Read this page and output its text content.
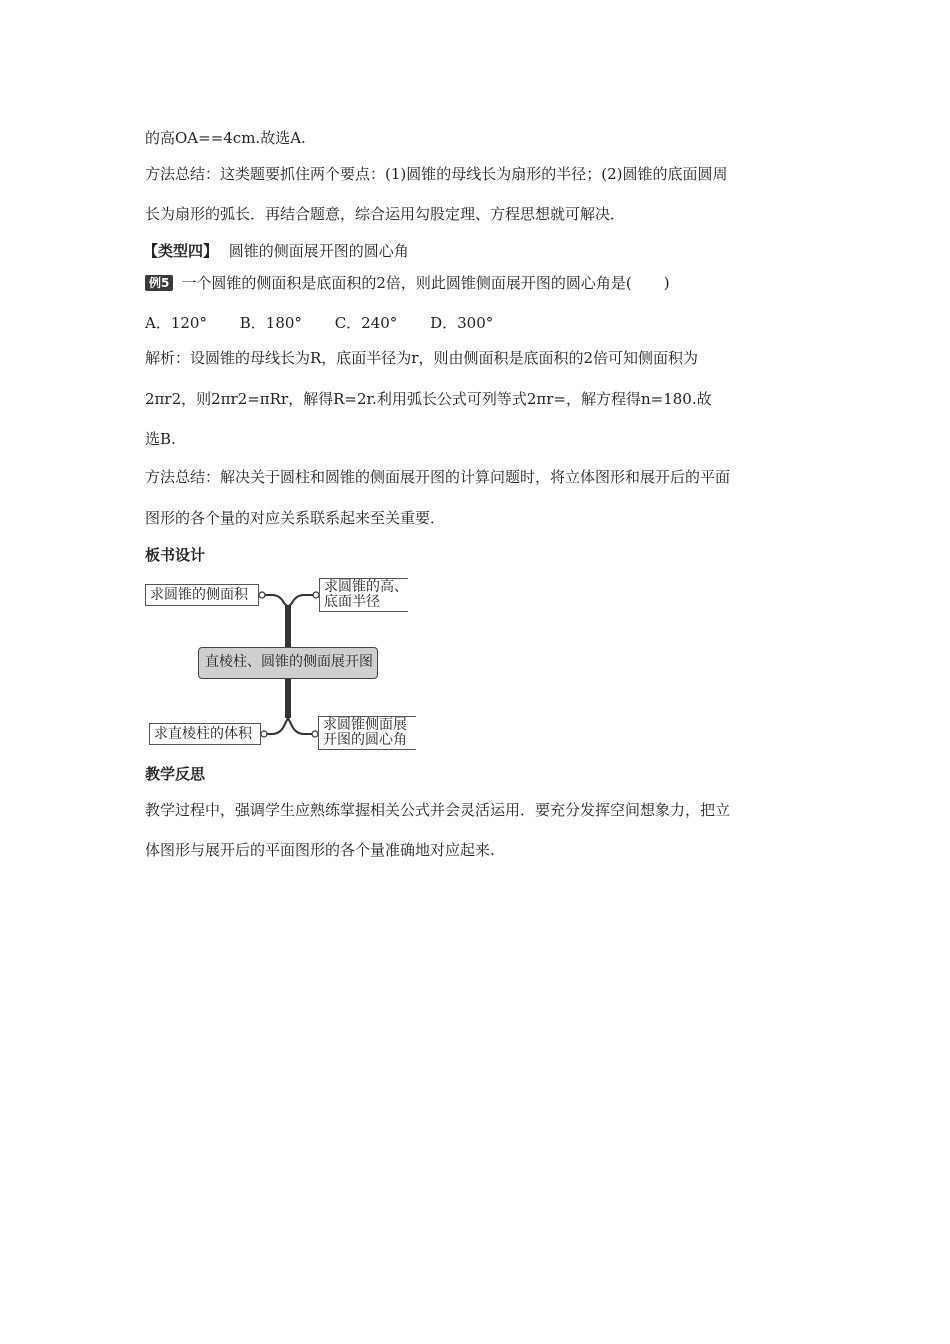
的高OA==4cm.故选A.
方法总结：这类题要抓住两个要点：(1)圆锥的母线长为扇形的半径；(2)圆锥的底面圆周
长为扇形的弧长．再结合题意，综合运用勾股定理、方程思想就可解决．
【类型四】 圆锥的侧面展开图的圆心角
例5 一个圆锥的侧面积是底面积的2倍，则此圆锥侧面展开图的圆心角是( )
A．120° B．180° C．240° D．300°
解析：设圆锥的母线长为R，底面半径为r，则由侧面积是底面积的2倍可知侧面积为
2πr2，则2πr2=πRr，解得R=2r.利用弧长公式可列等式2πr=，解方程得n=180.故
选B.
方法总结：解决关于圆柱和圆锥的侧面展开图的计算问题时，将立体图形和展开后的平面
图形的各个量的对应关系联系起来至关重要．
板书设计
求圆锥的侧面积	求圆锥的高、
底面半径
直棱柱、圆锥的侧面展开图
求直棱柱的体积
求圆锥侧面展
开图的圆心角
教学反思
教学过程中，强调学生应熟练掌握相关公式并会灵活运用．要充分发挥空间想象力，把立
体图形与展开后的平面图形的各个量准确地对应起来.
